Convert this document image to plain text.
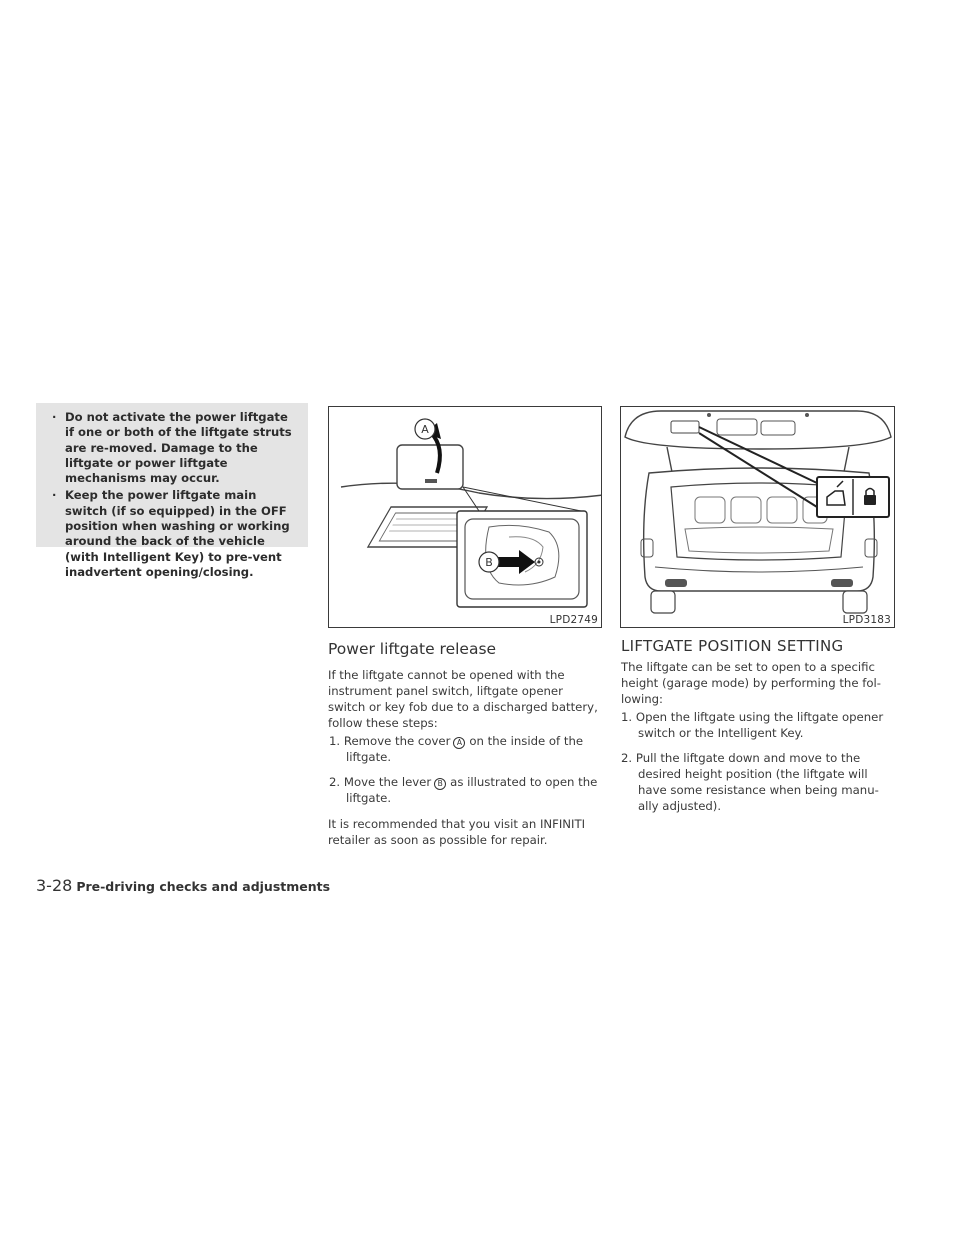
· Do not activate the power liftgate if one or both of the liftgate struts are re-moved. Damage to the liftgate or power liftgate mechanisms may occur.
· Keep the power liftgate main switch (if so equipped) in the OFF position when washing or working around the back of the vehicle (with Intelligent Key) to pre-vent inadvertent opening/closing.
A
B
LPD2749	LPD3183
Power liftgate release
If the liftgate cannot be opened with the instrument panel switch, liftgate opener switch or key fob due to a discharged battery, follow these steps:
1. Remove the cover A on the inside of the liftgate.
2. Move the lever B as illustrated to open the liftgate.
It is recommended that you visit an INFINITI retailer as soon as possible for repair.
LIFTGATE POSITION SETTING
The liftgate can be set to open to a specific height (garage mode) by performing the fol-lowing:
1. Open the liftgate using the liftgate opener switch or the Intelligent Key.
2. Pull the liftgate down and move to the desired height position (the liftgate will have some resistance when being manu-ally adjusted).
3-28 Pre-driving checks and adjustments
